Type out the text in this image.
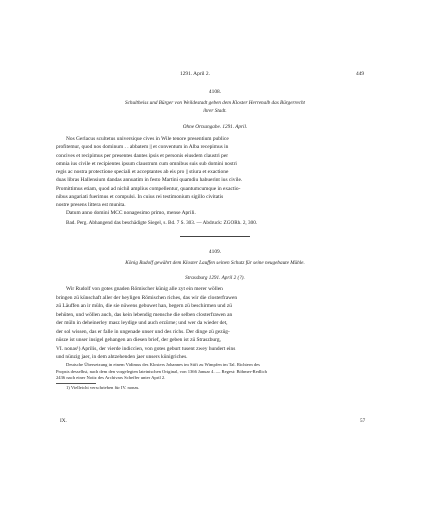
1291. April 2.	449
4108.
Schultheiss und Bürger von Weildestadt geben dem Kloster Herrenalb das Bürgerrecht
ihrer Stadt.
Ohne Ortsangabe. 1291. April.
Nos Gerlacus scultetus universique cives in Wile tenore presentium publice
profitemur, quod nos dominum . . abbatem || et conventum in Alba recepimus in
concives et recipimus per presentes dantes ipsis et personis eiusdem claustri per
omnia ius civile et recipientes ipsum claustrum cum omnibus suis sub domini nostri
regis ac nostra protectione speciali et acceptantes ab eis pro || stiura et exactione
duas libras Hallensium dandas annuatim in festo Martini quamdiu habuerint ius civile.
Promittimus etiam, quod ad nichil amplius compellentur, quantumcumque in exactio-
nibus angariati fuerimus et compulsi. In cuius rei testimonium sigillo civitatis
nostre presens littera est munita.
Datum anno domini MCC nonagesimo primo, mense Aprili.
Bad. Perg. Abhangend das beschädigte Siegel, s. Bd. 7 S. 303. — Abdruck: ZGORh. 2, 300.
4109.
König Rudolf gewährt dem Kloster Lauffen seinen Schutz für seine neugebaute Mühle.
Strassburg 1291. April 2 (?).
Wir Rudolf von gotes gnaden Römischer künig alle zyt ein merer wöllen
bringen zü künschaft aller der heyligen Römischen riches, das wir die closterfrawen
zü Läuffen an ir müln, die sie nüwens gebuwet han, begern zü beschirmen und zü
behüten, und wöllen auch, das kein lebendig mensche die selben closterfrawen an
der müln in deheinerley masz leydige und auch erzürne; und wer da wieder det,
der sol wissen, das er falle in ungenade unser und des richs. Der dinge zü gezüg-
nüsze ist unser insigel gehangen an diesen brief, der geben ist zü Straszburg,
VI. nonas¹) Aprilis, der vierde indiccien, von gotes geburt tusent zwey hundert eins
und nünzig jaer, in dem ahtzehenden jaer unsers künigriches.
Deutsche Übersetzung in einem Vidimus des Klosters Johannes im Stift zu Wimpfen im Tal. Richtern des
Propsts desselbst, nach dem den vorgelegten lateinischen Original, von 1366 Januar 4. — Regest: Böhmer-Redlich
2436 nach einer Notiz des Archivars Scheffer unter April 2.
1) Vielleicht verschrieben für IV. nonas.
IX.	57
